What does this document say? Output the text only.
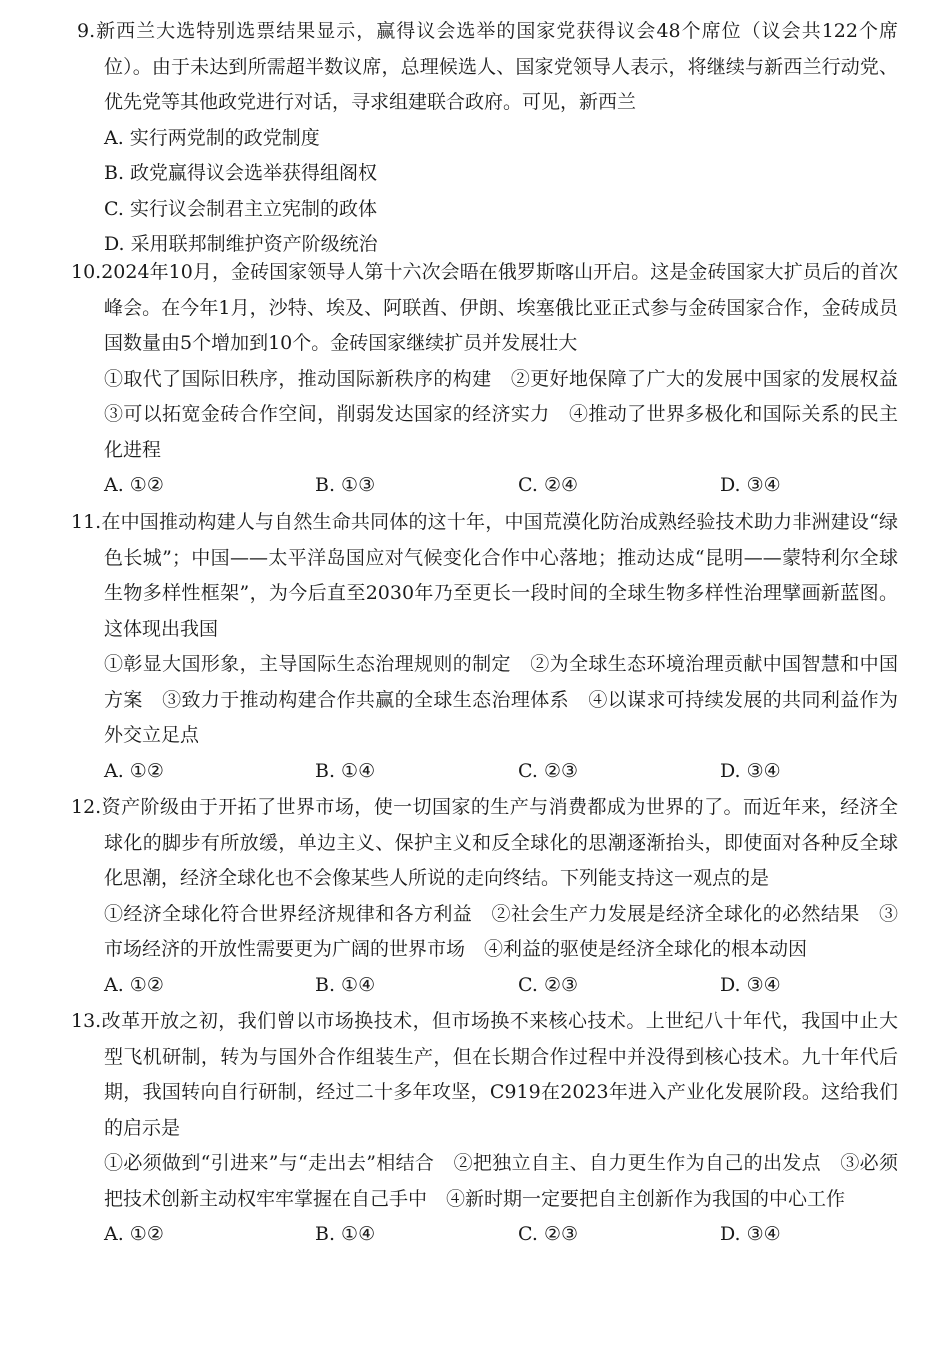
9.新西兰大选特别选票结果显示，赢得议会选举的国家党获得议会48个席位（议会共122个席位）。由于未达到所需超半数议席，总理候选人、国家党领导人表示，将继续与新西兰行动党、优先党等其他政党进行对话，寻求组建联合政府。可见，新西兰

A. 实行两党制的政党制度
B. 政党赢得议会选举获得组阁权
C. 实行议会制君主立宪制的政体
D. 采用联邦制维护资产阶级统治

10.2024年10月，金砖国家领导人第十六次会晤在俄罗斯喀山开启。这是金砖国家大扩员后的首次峰会。在今年1月，沙特、埃及、阿联酋、伊朗、埃塞俄比亚正式参与金砖国家合作，金砖成员国数量由5个增加到10个。金砖国家继续扩员并发展壮大

①取代了国际旧秩序，推动国际新秩序的构建　②更好地保障了广大的发展中国家的发展权益　③可以拓宽金砖合作空间，削弱发达国家的经济实力　④推动了世界多极化和国际关系的民主化进程

A. ①②	B. ①③	C. ②④	D. ③④

11.在中国推动构建人与自然生命共同体的这十年，中国荒漠化防治成熟经验技术助力非洲建设“绿色长城”；中国——太平洋岛国应对气候变化合作中心落地；推动达成“昆明——蒙特利尔全球生物多样性框架”，为今后直至2030年乃至更长一段时间的全球生物多样性治理擘画新蓝图。这体现出我国

①彰显大国形象，主导国际生态治理规则的制定　②为全球生态环境治理贡献中国智慧和中国方案　③致力于推动构建合作共赢的全球生态治理体系　④以谋求可持续发展的共同利益作为外交立足点

A. ①②	B. ①④	C. ②③	D. ③④

12.资产阶级由于开拓了世界市场，使一切国家的生产与消费都成为世界的了。而近年来，经济全球化的脚步有所放缓，单边主义、保护主义和反全球化的思潮逐渐抬头，即使面对各种反全球化思潮，经济全球化也不会像某些人所说的走向终结。下列能支持这一观点的是

①经济全球化符合世界经济规律和各方利益　②社会生产力发展是经济全球化的必然结果　③市场经济的开放性需要更为广阔的世界市场　④利益的驱使是经济全球化的根本动因

A. ①②	B. ①④	C. ②③	D. ③④

13.改革开放之初，我们曾以市场换技术，但市场换不来核心技术。上世纪八十年代，我国中止大型飞机研制，转为与国外合作组装生产，但在长期合作过程中并没得到核心技术。九十年代后期，我国转向自行研制，经过二十多年攻坚，C919在2023年进入产业化发展阶段。这给我们的启示是

①必须做到“引进来”与“走出去”相结合　②把独立自主、自力更生作为自己的出发点　③必须把技术创新主动权牢牢掌握在自己手中　④新时期一定要把自主创新作为我国的中心工作

A. ①②	B. ①④	C. ②③	D. ③④
